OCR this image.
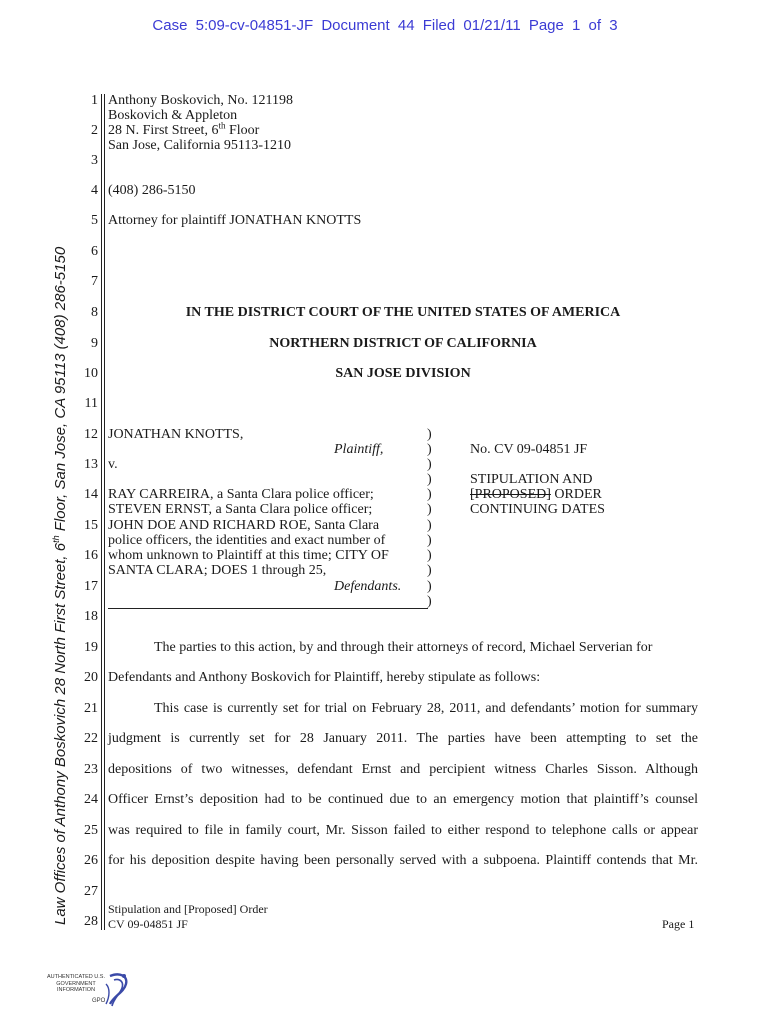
Case 5:09-cv-04851-JF Document 44 Filed 01/21/11 Page 1 of 3
Law Offices of Anthony Boskovich 28 North First Street, 6th Floor, San Jose, CA 95113 (408) 286-5150
1
2
3
4
5
6
7
8
9
10
11
12
13
14
15
16
17
18
19
20
21
22
23
24
25
26
27
28
Anthony Boskovich, No. 121198
Boskovich & Appleton
28 N. First Street, 6th Floor
San Jose, California 95113-1210
(408) 286-5150
Attorney for plaintiff JONATHAN KNOTTS
IN THE DISTRICT COURT OF THE UNITED STATES OF AMERICA
NORTHERN DISTRICT OF CALIFORNIA
SAN JOSE DIVISION
JONATHAN KNOTTS,
Plaintiff,
v.
RAY CARREIRA, a Santa Clara police officer;
STEVEN ERNST, a Santa Clara police officer;
JOHN DOE AND RICHARD ROE, Santa Clara
police officers, the identities and exact number of
whom unknown to Plaintiff at this time; CITY OF
SANTA CLARA; DOES 1 through 25,
Defendants.
)
)
)
)
)
)
)
)
)
)
)
)
No. CV 09-04851 JF
STIPULATION AND
[PROPOSED] ORDER
CONTINUING DATES
The parties to this action, by and through their attorneys of record, Michael Serverian for
Defendants and Anthony Boskovich for Plaintiff, hereby stipulate as follows:
This case is currently set for trial on February 28, 2011, and defendants’ motion for summary
judgment is currently set for 28 January 2011. The parties have been attempting to set the
depositions of two witnesses, defendant Ernst and percipient witness Charles Sisson. Although
Officer Ernst’s deposition had to be continued due to an emergency motion that plaintiff’s counsel
was required to file in family court, Mr. Sisson failed to either respond to telephone calls or appear
for his deposition despite having been personally served with a subpoena. Plaintiff contends that Mr.
Stipulation and [Proposed] Order
CV 09-04851 JF	Page 1
AUTHENTICATED U.S. GOVERNMENT INFORMATION
GPO
